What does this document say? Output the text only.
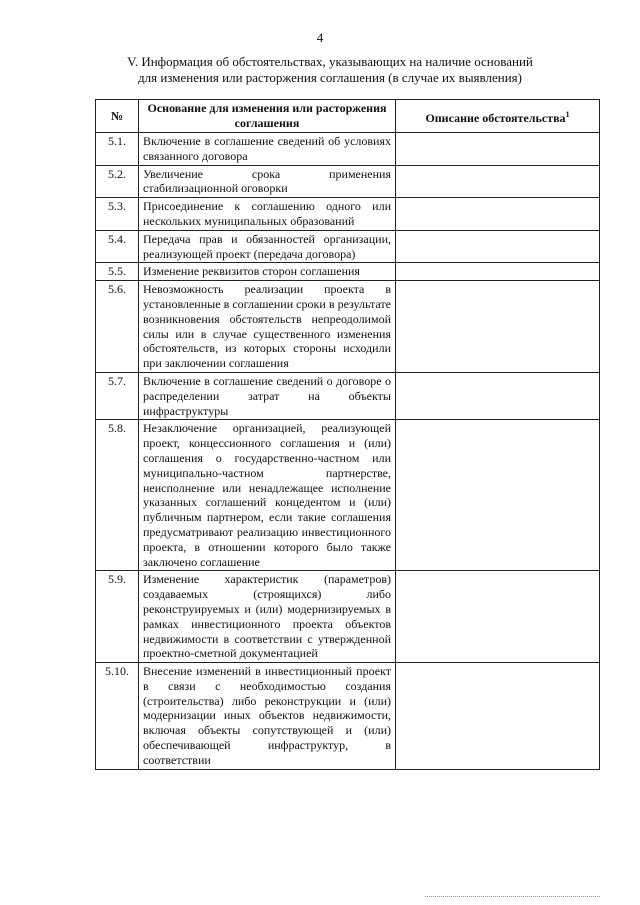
4
V. Информация об обстоятельствах, указывающих на наличие оснований
для изменения или расторжения соглашения (в случае их выявления)
№	Основание для изменения или расторжения соглашения	Описание обстоятельства$^1$
5.1.	Включение в соглашение сведений об условиях связанного договора	
5.2.	Увеличение срока применения стабилизационной оговорки	
5.3.	Присоединение к соглашению одного или нескольких муниципальных образований	
5.4.	Передача прав и обязанностей организации, реализующей проект (передача договора)	
5.5.	Изменение реквизитов сторон соглашения	
5.6.	Невозможность реализации проекта в установленные в соглашении сроки в результате возникновения обстоятельств непреодолимой силы или в случае существенного изменения обстоятельств, из которых стороны исходили при заключении соглашения	
5.7.	Включение в соглашение сведений о договоре о распределении затрат на объекты инфраструктуры	
5.8.	Незаключение организацией, реализующей проект, концессионного соглашения и (или) соглашения о государственно-частном или муниципально-частном партнерстве, неисполнение или ненадлежащее исполнение указанных соглашений концедентом и (или) публичным партнером, если такие соглашения предусматривают реализацию инвестиционного проекта, в отношении которого было также заключено соглашение	
5.9.	Изменение характеристик (параметров) создаваемых (строящихся) либо реконструируемых и (или) модернизируемых в рамках инвестиционного проекта объектов недвижимости в соответствии с утвержденной проектно-сметной документацией	
5.10.	Внесение изменений в инвестиционный проект в связи с необходимостью создания (строительства) либо реконструкции и (или) модернизации иных объектов недвижимости, включая объекты сопутствующей и (или) обеспечивающей инфраструктур, в соответствии	
